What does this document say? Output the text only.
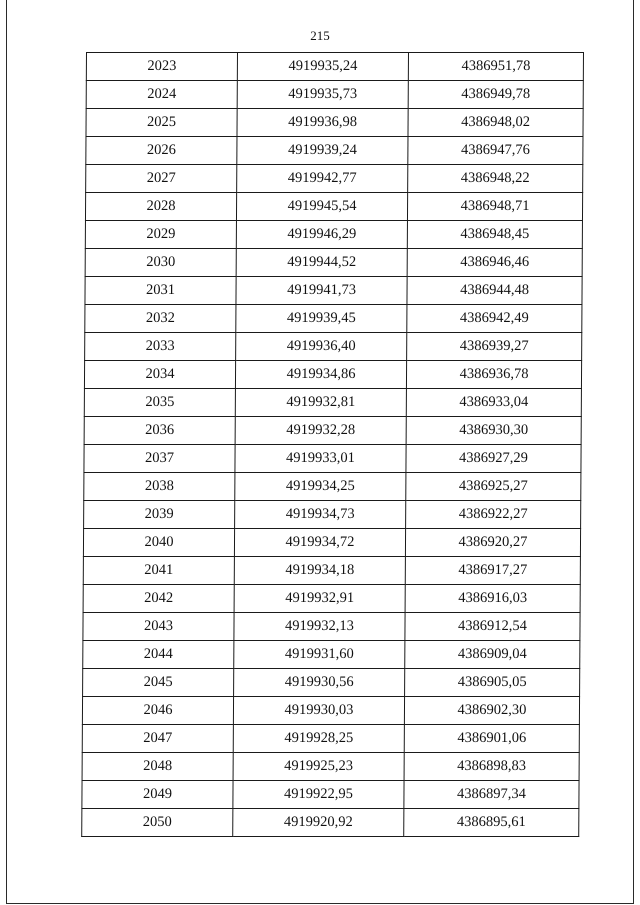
215
2023	4919935,24	4386951,78
2024	4919935,73	4386949,78
2025	4919936,98	4386948,02
2026	4919939,24	4386947,76
2027	4919942,77	4386948,22
2028	4919945,54	4386948,71
2029	4919946,29	4386948,45
2030	4919944,52	4386946,46
2031	4919941,73	4386944,48
2032	4919939,45	4386942,49
2033	4919936,40	4386939,27
2034	4919934,86	4386936,78
2035	4919932,81	4386933,04
2036	4919932,28	4386930,30
2037	4919933,01	4386927,29
2038	4919934,25	4386925,27
2039	4919934,73	4386922,27
2040	4919934,72	4386920,27
2041	4919934,18	4386917,27
2042	4919932,91	4386916,03
2043	4919932,13	4386912,54
2044	4919931,60	4386909,04
2045	4919930,56	4386905,05
2046	4919930,03	4386902,30
2047	4919928,25	4386901,06
2048	4919925,23	4386898,83
2049	4919922,95	4386897,34
2050	4919920,92	4386895,61
